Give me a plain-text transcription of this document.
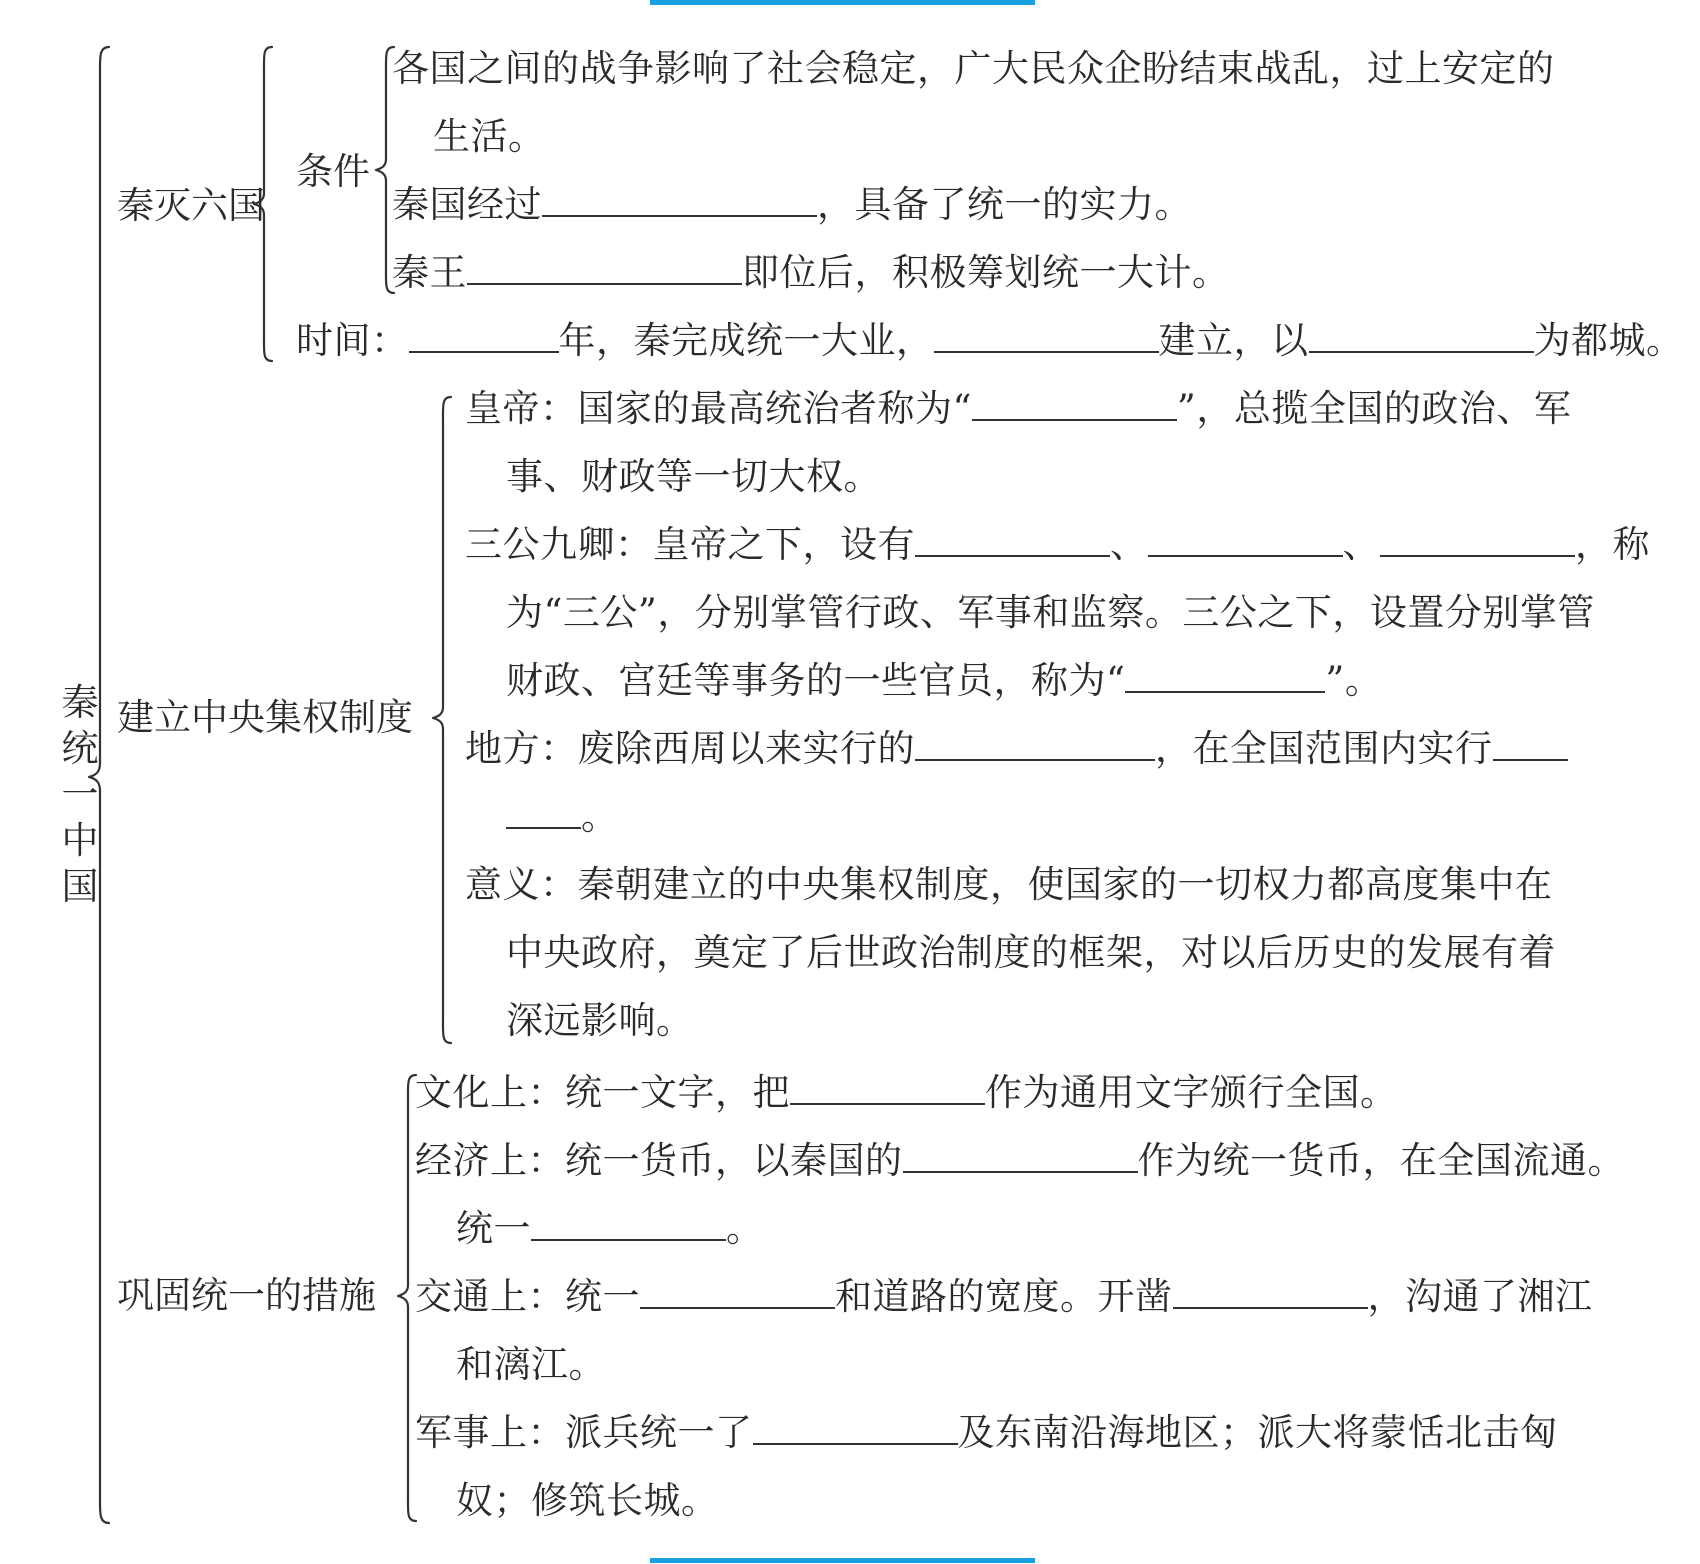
秦
统
一
中
国
秦灭六国
条件
建立中央集权制度
巩固统一的措施
各国之间的战争影响了社会稳定，广大民众企盼结束战乱，过上安定的
生活。
秦国经过	，具备了统一的实力。
秦王	即位后，积极筹划统一大计。
时间：	年，秦完成统一大业，	建立，以	为都城。
皇帝：国家的最高统治者称为“	”，总揽全国的政治、军
事、财政等一切大权。
三公九卿：皇帝之下，设有	、	、	，称
为“三公”，分别掌管行政、军事和监察。三公之下，设置分别掌管
财政、宫廷等事务的一些官员，称为“	”。
地方：废除西周以来实行的	，在全国范围内实行
。
意义：秦朝建立的中央集权制度，使国家的一切权力都高度集中在
中央政府，奠定了后世政治制度的框架，对以后历史的发展有着
深远影响。
文化上：统一文字，把	作为通用文字颁行全国。
经济上：统一货币，以秦国的	作为统一货币，在全国流通。
统一	。
交通上：统一	和道路的宽度。开凿	，沟通了湘江
和漓江。
军事上：派兵统一了	及东南沿海地区；派大将蒙恬北击匈
奴；修筑长城。
